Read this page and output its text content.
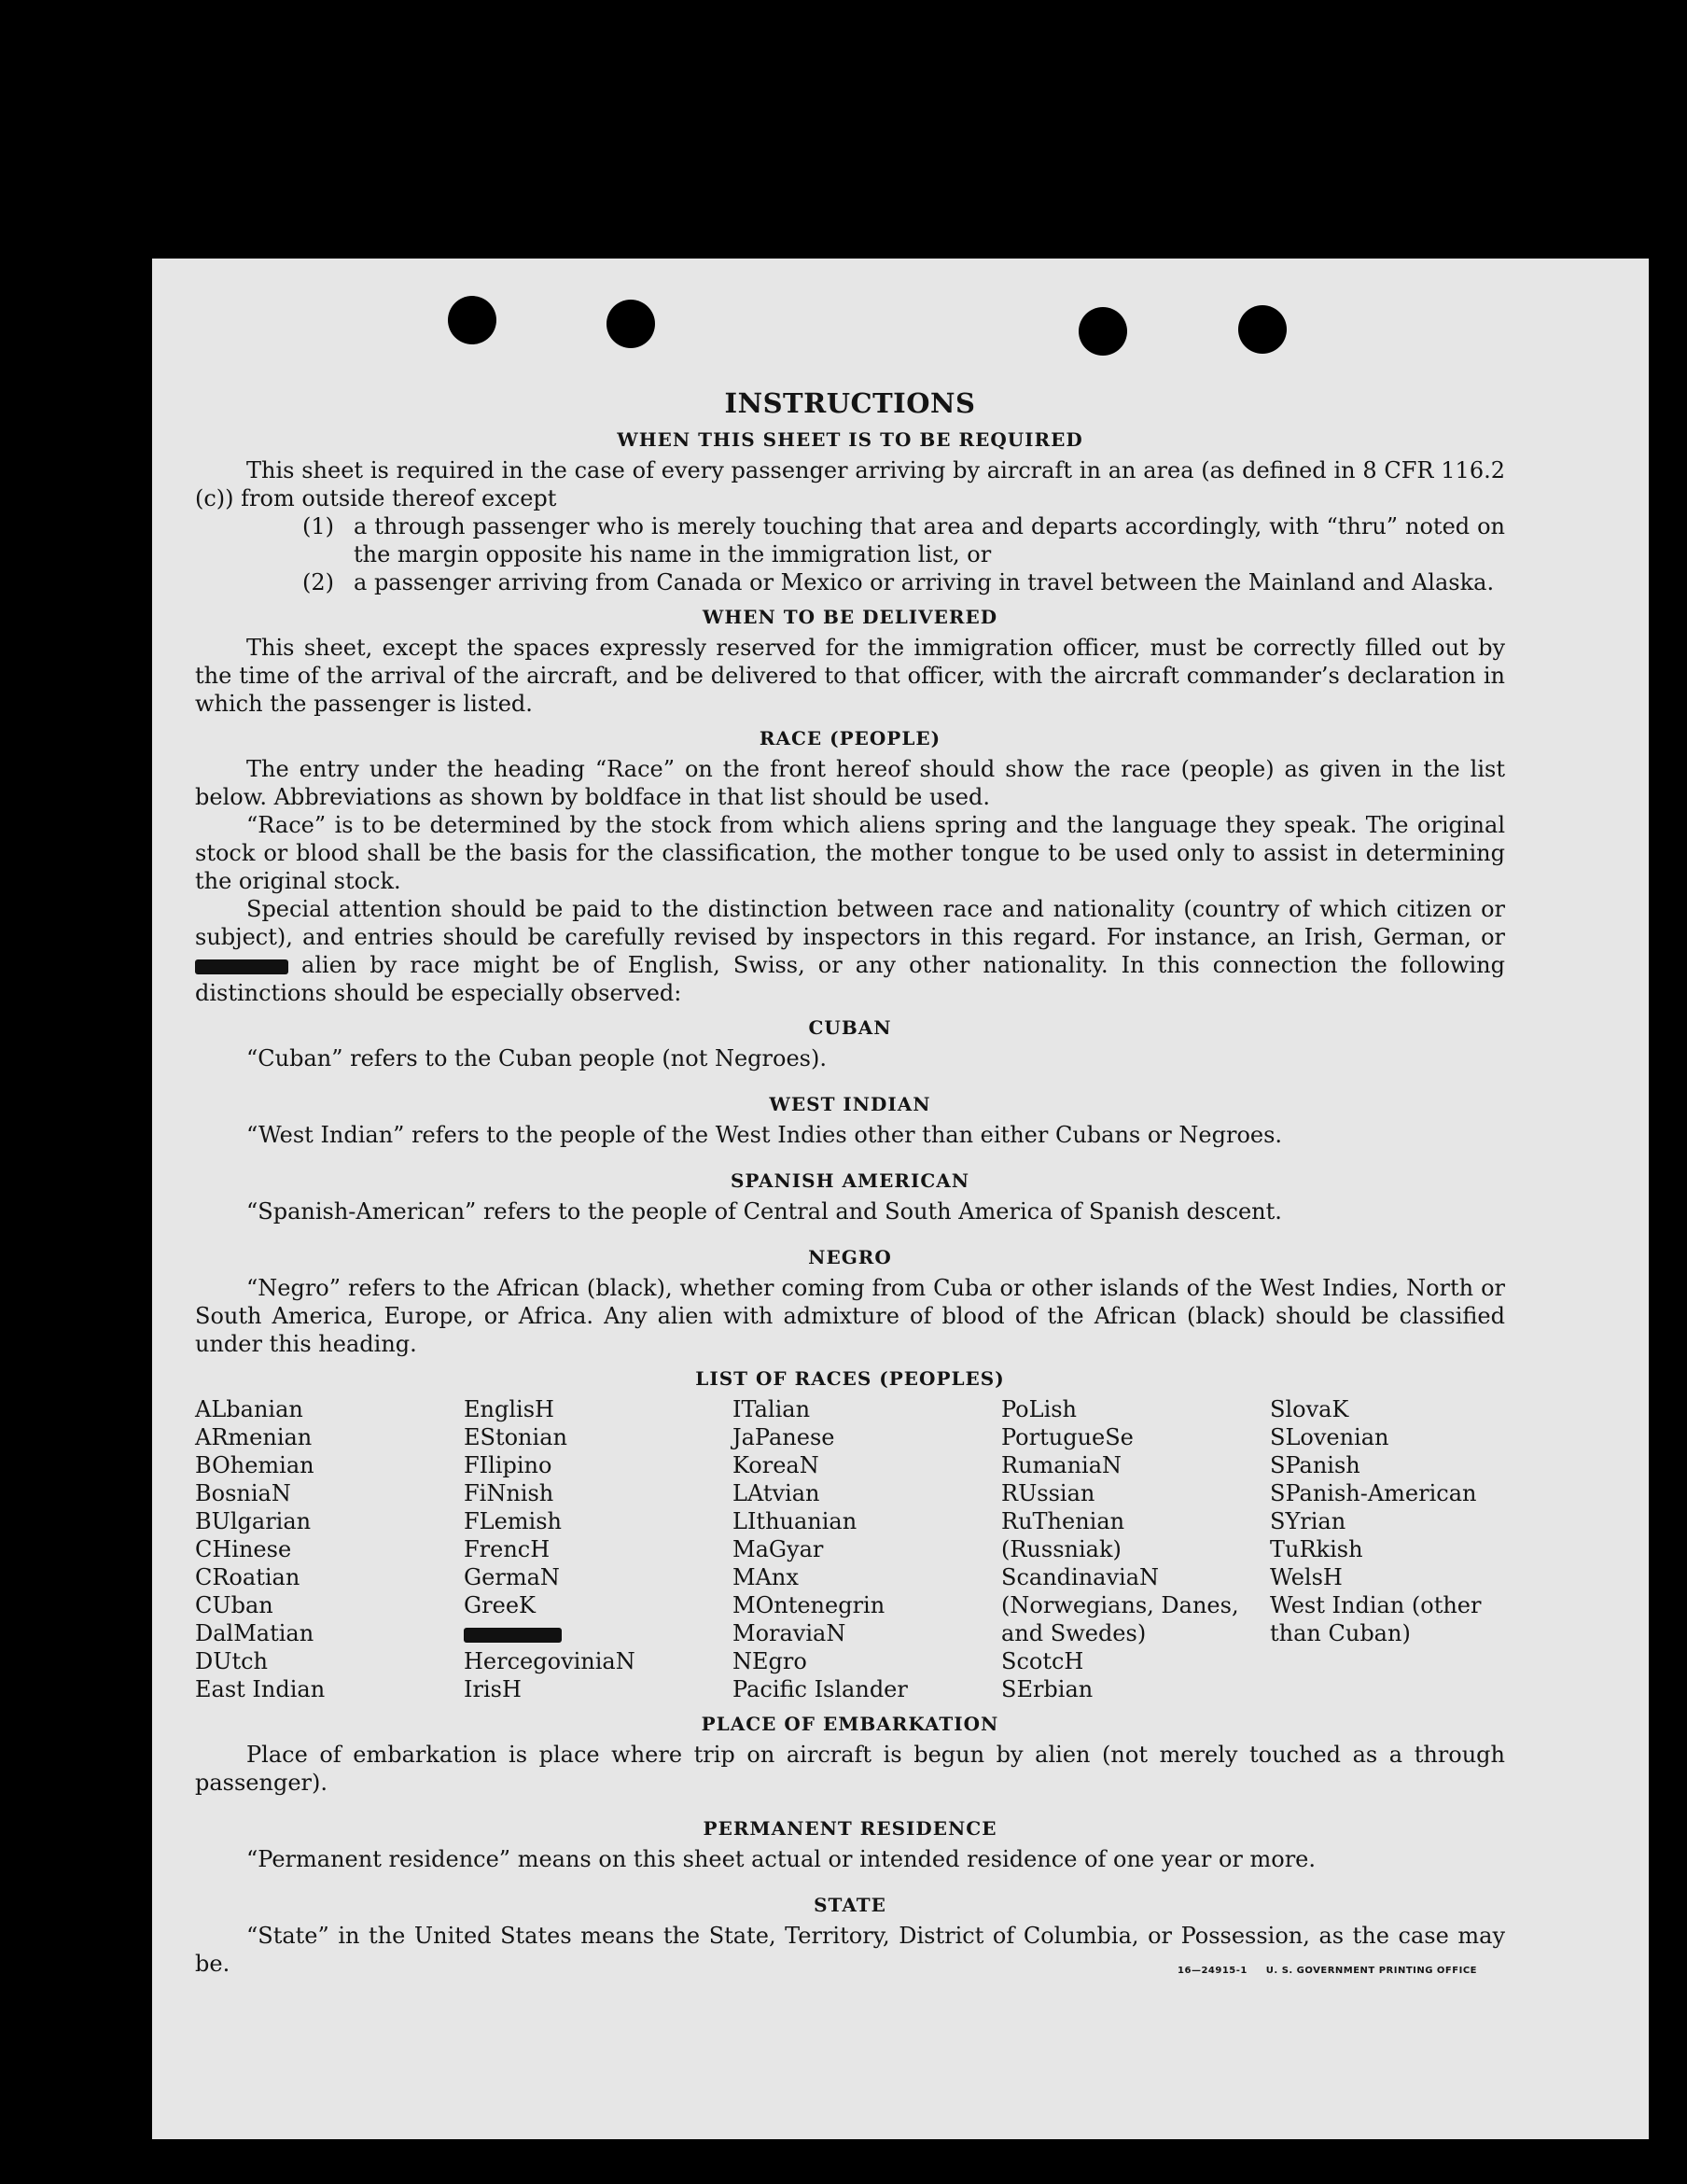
INSTRUCTIONS
WHEN THIS SHEET IS TO BE REQUIRED

This sheet is required in the case of every passenger arriving by aircraft in an area (as defined in 8 CFR 116.2 (c)) from outside thereof except

(1) a through passenger who is merely touching that area and departs accordingly, with “thru” noted on the margin opposite his name in the immigration list, or
(2) a passenger arriving from Canada or Mexico or arriving in travel between the Mainland and Alaska.
WHEN TO BE DELIVERED

This sheet, except the spaces expressly reserved for the immigration officer, must be correctly filled out by the time of the arrival of the aircraft, and be delivered to that officer, with the aircraft commander’s declaration in which the passenger is listed.

RACE (PEOPLE)

The entry under the heading “Race” on the front hereof should show the race (people) as given in the list below. Abbreviations as shown by boldface in that list should be used.

“Race” is to be determined by the stock from which aliens spring and the language they speak. The original stock or blood shall be the basis for the classification, the mother tongue to be used only to assist in determining the original stock.

Special attention should be paid to the distinction between race and nationality (country of which citizen or subject), and entries should be carefully revised by inspectors in this regard. For instance, an Irish, German, or  alien by race might be of English, Swiss, or any other nationality. In this connection the following distinctions should be especially observed:

CUBAN

“Cuban” refers to the Cuban people (not Negroes).

WEST INDIAN

“West Indian” refers to the people of the West Indies other than either Cubans or Negroes.

SPANISH AMERICAN

“Spanish-American” refers to the people of Central and South America of Spanish descent.

NEGRO

“Negro” refers to the African (black), whether coming from Cuba or other islands of the West Indies, North or South America, Europe, or Africa. Any alien with admixture of blood of the African (black) should be classified under this heading.

LIST OF RACES (PEOPLES)
ALbanian
ARmenian
BOhemian
BosniaN
BUlgarian
CHinese
CRoatian
CUban
DalMatian
DUtch
East Indian
EnglisH
EStonian
FIlipino
FiNnish
FLemish
FrencH
GermaN
GreeK
HercegoviniaN
IrisH
ITalian
JaPanese
KoreaN
LAtvian
LIthuanian
MaGyar
MAnx
MOntenegrin
MoraviaN
NEgro
Pacific Islander
PoLish
PortugueSe
RumaniaN
RUssian
RuThenian (Russniak)
ScandinaviaN (Norwegians, Danes, and Swedes)
ScotcH
SErbian
SlovaK
SLovenian
SPanish
SPanish-American
SYrian
TuRkish
WelsH
West Indian (other than Cuban)
PLACE OF EMBARKATION

Place of embarkation is place where trip on aircraft is begun by alien (not merely touched as a through passenger).

PERMANENT RESIDENCE

“Permanent residence” means on this sheet actual or intended residence of one year or more.

STATE

“State” in the United States means the State, Territory, District of Columbia, or Possession, as the case may be.	16—24915-1 U. S. GOVERNMENT PRINTING OFFICE
